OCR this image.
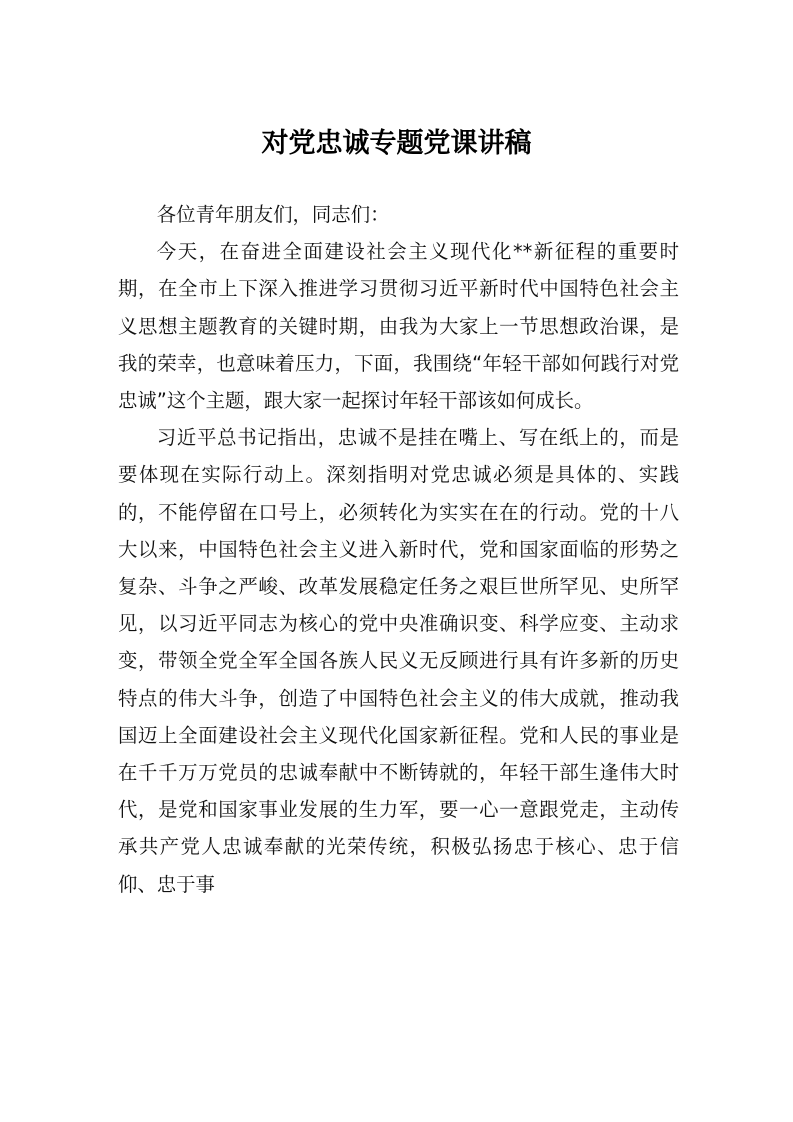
对党忠诚专题党课讲稿

各位青年朋友们，同志们：

今天，在奋进全面建设社会主义现代化**新征程的重要时期，在全市上下深入推进学习贯彻习近平新时代中国特色社会主义思想主题教育的关键时期，由我为大家上一节思想政治课，是我的荣幸，也意味着压力，下面，我围绕“年轻干部如何践行对党忠诚”这个主题，跟大家一起探讨年轻干部该如何成长。

习近平总书记指出，忠诚不是挂在嘴上、写在纸上的，而是要体现在实际行动上。深刻指明对党忠诚必须是具体的、实践的，不能停留在口号上，必须转化为实实在在的行动。党的十八大以来，中国特色社会主义进入新时代，党和国家面临的形势之复杂、斗争之严峻、改革发展稳定任务之艰巨世所罕见、史所罕见，以习近平同志为核心的党中央准确识变、科学应变、主动求变，带领全党全军全国各族人民义无反顾进行具有许多新的历史特点的伟大斗争，创造了中国特色社会主义的伟大成就，推动我国迈上全面建设社会主义现代化国家新征程。党和人民的事业是在千千万万党员的忠诚奉献中不断铸就的，年轻干部生逢伟大时代，是党和国家事业发展的生力军，要一心一意跟党走，主动传承共产党人忠诚奉献的光荣传统，积极弘扬忠于核心、忠于信仰、忠于事
